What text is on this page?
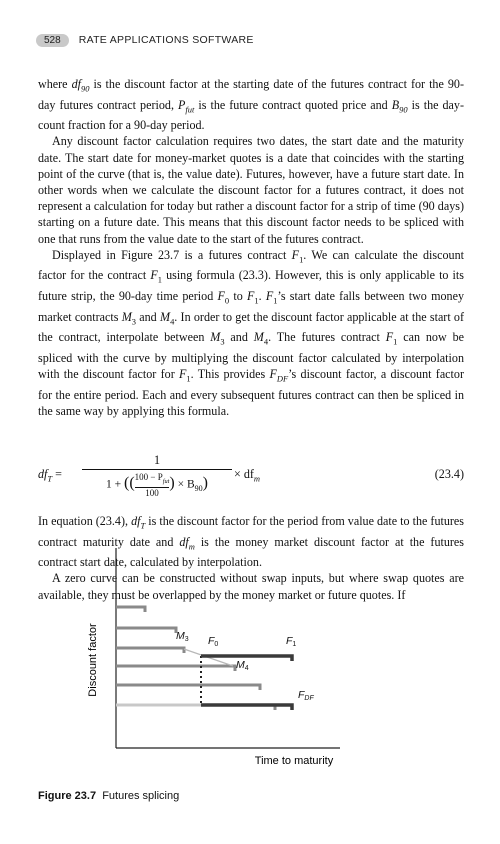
528	RATE APPLICATIONS SOFTWARE

where $df_{90}$ is the discount factor at the starting date of the futures contract for the 90-day futures contract period, $P_{fut}$ is the future contract quoted price and $B_{90}$ is the day-count fraction for a 90-day period.

Any discount factor calculation requires two dates, the start date and the maturity date. The start date for money-market quotes is a date that coincides with the starting point of the curve (that is, the value date). Futures, however, have a future start date. In other words when we calculate the discount factor for a futures contract, it does not represent a calculation for today but rather a discount factor for a strip of time (90 days) starting on a future date. This means that this discount factor needs to be spliced with one that runs from the value date to the start of the futures contract.

Displayed in Figure 23.7 is a futures contract $F_1$. We can calculate the discount factor for the contract $F_1$ using formula (23.3). However, this is only applicable to its future strip, the 90-day time period $F_0$ to $F_1$. $F_1’s$ start date falls between two money market contracts $M_3$ and $M_4$. In order to get the discount factor applicable at the start of the contract, interpolate between $M_3$ and $M_4$. The futures contract $F_1$ can now be spliced with the curve by multiplying the discount factor calculated by interpolation with the discount factor for $F_1$. This provides $F_{DF}’s$ discount factor, a discount factor for the entire period. Each and every subsequent futures contract can then be spliced in the same way by applying this formula.

$df_T$ =
1
1 + (( $100 - P_{fut}$
100
) × $B_{90}$)
× $df_m$	(23.4)

In equation (23.4), $df_T$ is the discount factor for the period from value date to the futures contract maturity date and $df_m$ is the money market discount factor at the futures contract start date, calculated by interpolation.

A zero curve can be constructed without swap inputs, but where swap quotes are available, they must be overlapped by the money market or future quotes. If

Discount factor
Time to maturity
M3 F0	F1
M4
FDF
Figure 23.7 Futures splicing
